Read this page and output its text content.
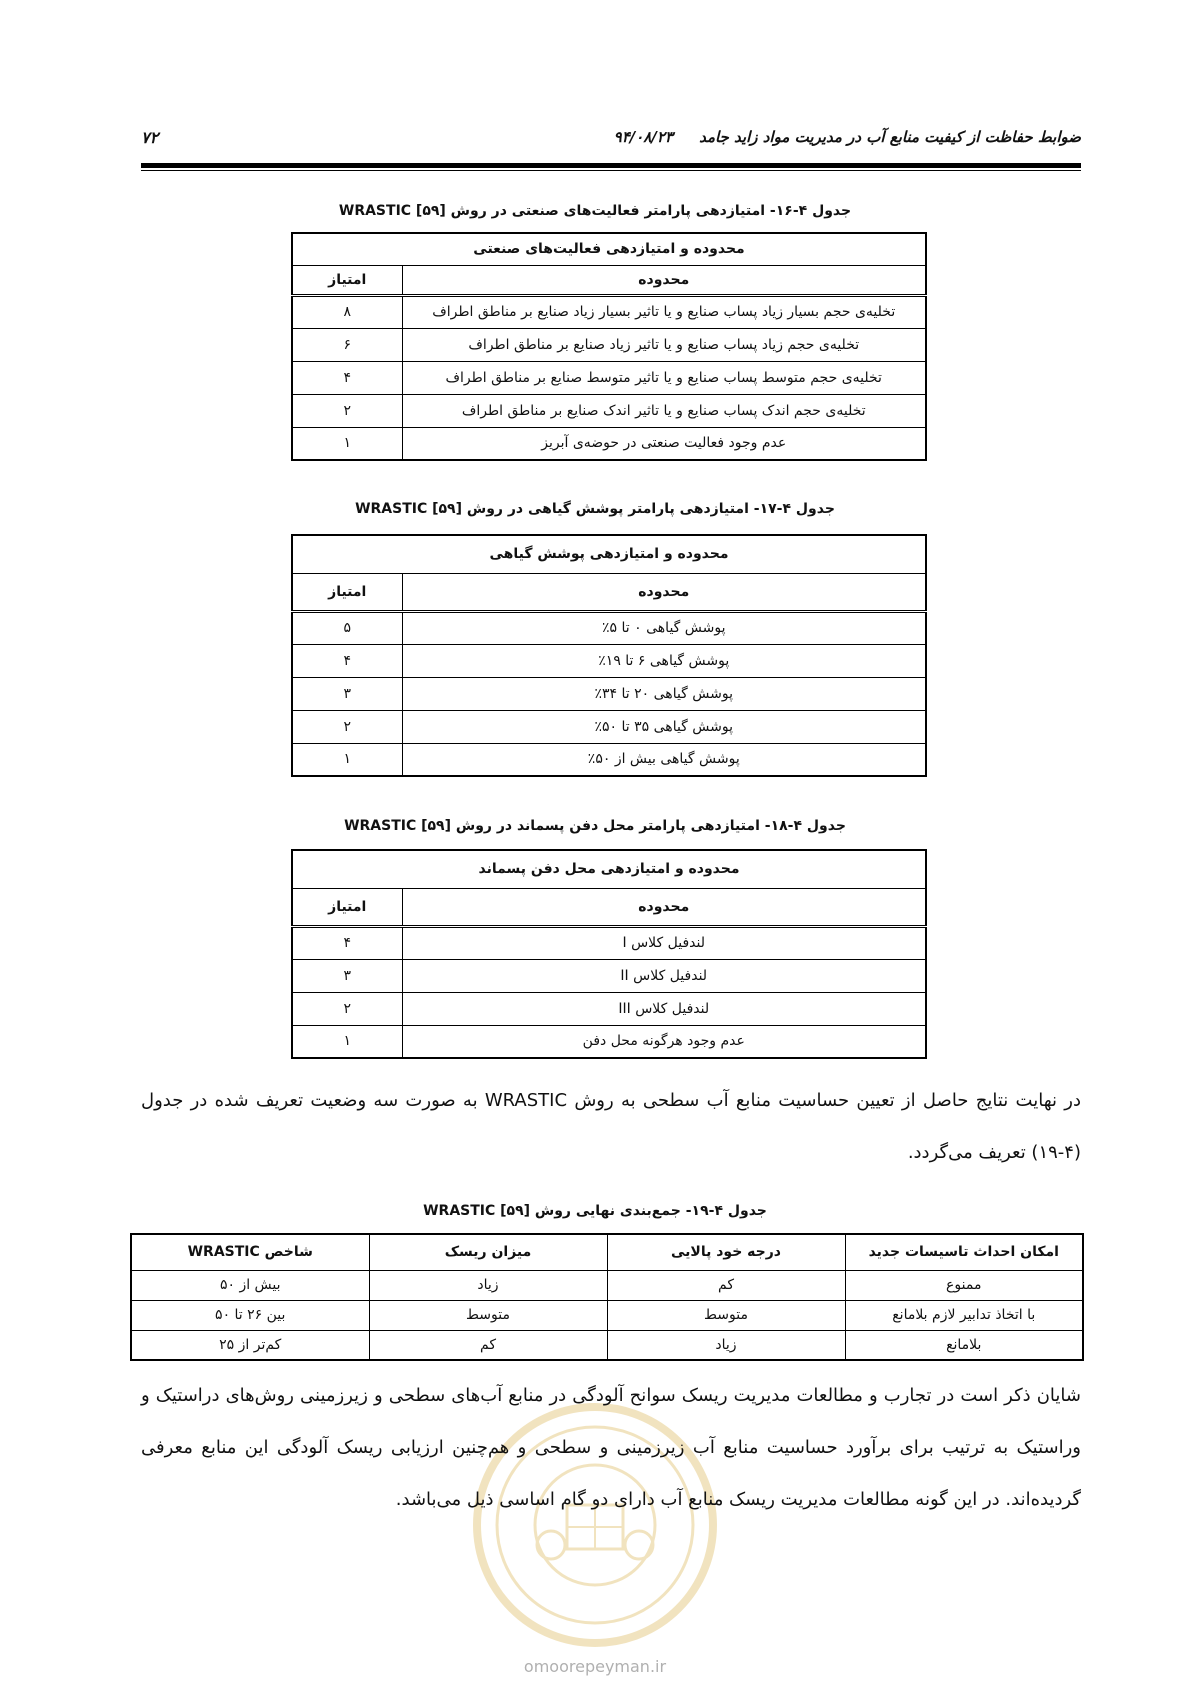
ضوابط حفاظت از کیفیت منابع آب در مدیریت مواد زاید جامد     ۹۴/۰۸/۲۳
۷۲
جدول ۴-۱۶- امتیازدهی پارامتر فعالیت‌های صنعتی در روش WRASTIC [۵۹]
محدوده و امتیازدهی فعالیت‌های صنعتی	
محدوده	امتیاز
تخلیه‌ی حجم بسیار زیاد پساب صنایع و یا تاثیر بسیار زیاد صنایع بر مناطق اطراف	۸
تخلیه‌ی حجم زیاد پساب صنایع و یا تاثیر زیاد صنایع بر مناطق اطراف	۶
تخلیه‌ی حجم متوسط پساب صنایع و یا تاثیر متوسط صنایع بر مناطق اطراف	۴
تخلیه‌ی حجم اندک پساب صنایع و یا تاثیر اندک صنایع بر مناطق اطراف	۲
عدم وجود فعالیت صنعتی در حوضه‌ی آبریز	۱
جدول ۴-۱۷- امتیازدهی پارامتر پوشش گیاهی در روش WRASTIC [۵۹]
محدوده و امتیازدهی پوشش گیاهی	
محدوده	امتیاز
پوشش گیاهی ۰ تا ۵٪	۵
پوشش گیاهی ۶ تا ۱۹٪	۴
پوشش گیاهی ۲۰ تا ۳۴٪	۳
پوشش گیاهی ۳۵ تا ۵۰٪	۲
پوشش گیاهی بیش از ۵۰٪	۱
جدول ۴-۱۸- امتیازدهی پارامتر محل دفن پسماند در روش WRASTIC [۵۹]
محدوده و امتیازدهی محل دفن پسماند	
محدوده	امتیاز
لندفیل کلاس I	۴
لندفیل کلاس II	۳
لندفیل کلاس III	۲
عدم وجود هرگونه محل دفن	۱
در نهایت نتایج حاصل از تعیین حساسیت منابع آب سطحی به روش WRASTIC به صورت سه وضعیت تعریف شده در جدول (۴-۱۹) تعریف می‌گردد.
جدول ۴-۱۹- جمع‌بندی نهایی روش WRASTIC [۵۹]
امکان احداث تاسیسات جدید	درجه خود پالایی	میزان ریسک	شاخص WRASTIC
ممنوع	کم	زیاد	بیش از ۵۰
با اتخاذ تدابیر لازم بلامانع	متوسط	متوسط	بین ۲۶ تا ۵۰
بلامانع	زیاد	کم	کم‌تر از ۲۵
شایان ذکر است در تجارب و مطالعات مدیریت ریسک سوانح آلودگی در منابع آب‌های سطحی و زیرزمینی روش‌های دراستیک و وراستیک به ترتیب برای برآورد حساسیت منابع آب زیرزمینی و سطحی و هم‌چنین ارزیابی ریسک آلودگی این منابع معرفی گردیده‌اند. در این گونه مطالعات مدیریت ریسک منابع آب دارای دو گام اساسی ذیل می‌باشد.
omoorepeyman.ir
